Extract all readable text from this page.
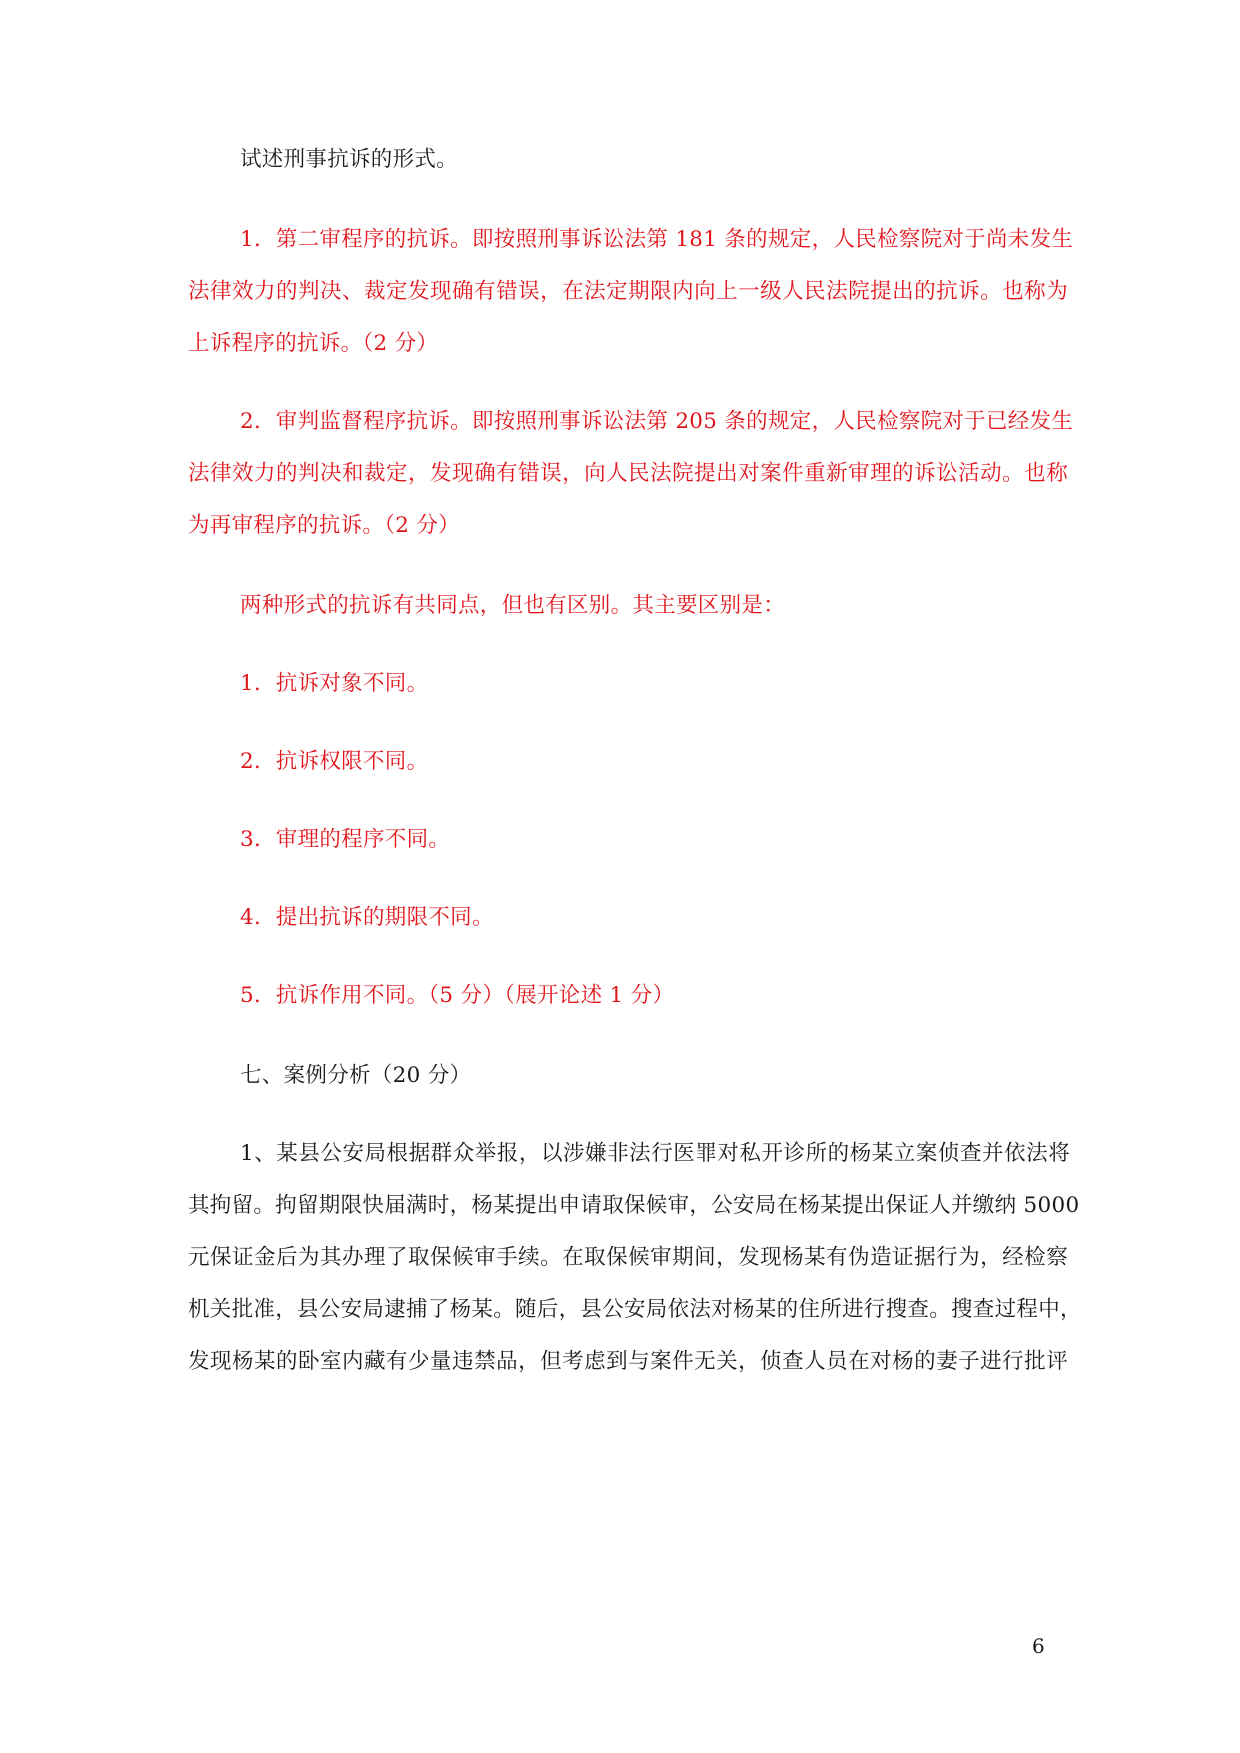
试述刑事抗诉的形式。
1．第二审程序的抗诉。即按照刑事诉讼法第 181 条的规定，人民检察院对于尚未发生
法律效力的判决、裁定发现确有错误，在法定期限内向上一级人民法院提出的抗诉。也称为
上诉程序的抗诉。（2 分）
2．审判监督程序抗诉。即按照刑事诉讼法第 205 条的规定，人民检察院对于已经发生
法律效力的判决和裁定，发现确有错误，向人民法院提出对案件重新审理的诉讼活动。也称
为再审程序的抗诉。（2 分）
两种形式的抗诉有共同点，但也有区别。其主要区别是：
1．抗诉对象不同。
2．抗诉权限不同。
3．审理的程序不同。
4．提出抗诉的期限不同。
5．抗诉作用不同。（5 分）（展开论述 1 分）
七、案例分析（20 分）
1、某县公安局根据群众举报，以涉嫌非法行医罪对私开诊所的杨某立案侦查并依法将
其拘留。拘留期限快届满时，杨某提出申请取保候审，公安局在杨某提出保证人并缴纳 5000
元保证金后为其办理了取保候审手续。在取保候审期间，发现杨某有伪造证据行为，经检察
机关批准，县公安局逮捕了杨某。随后，县公安局依法对杨某的住所进行搜查。搜查过程中，
发现杨某的卧室内藏有少量违禁品，但考虑到与案件无关，侦查人员在对杨的妻子进行批评
6
